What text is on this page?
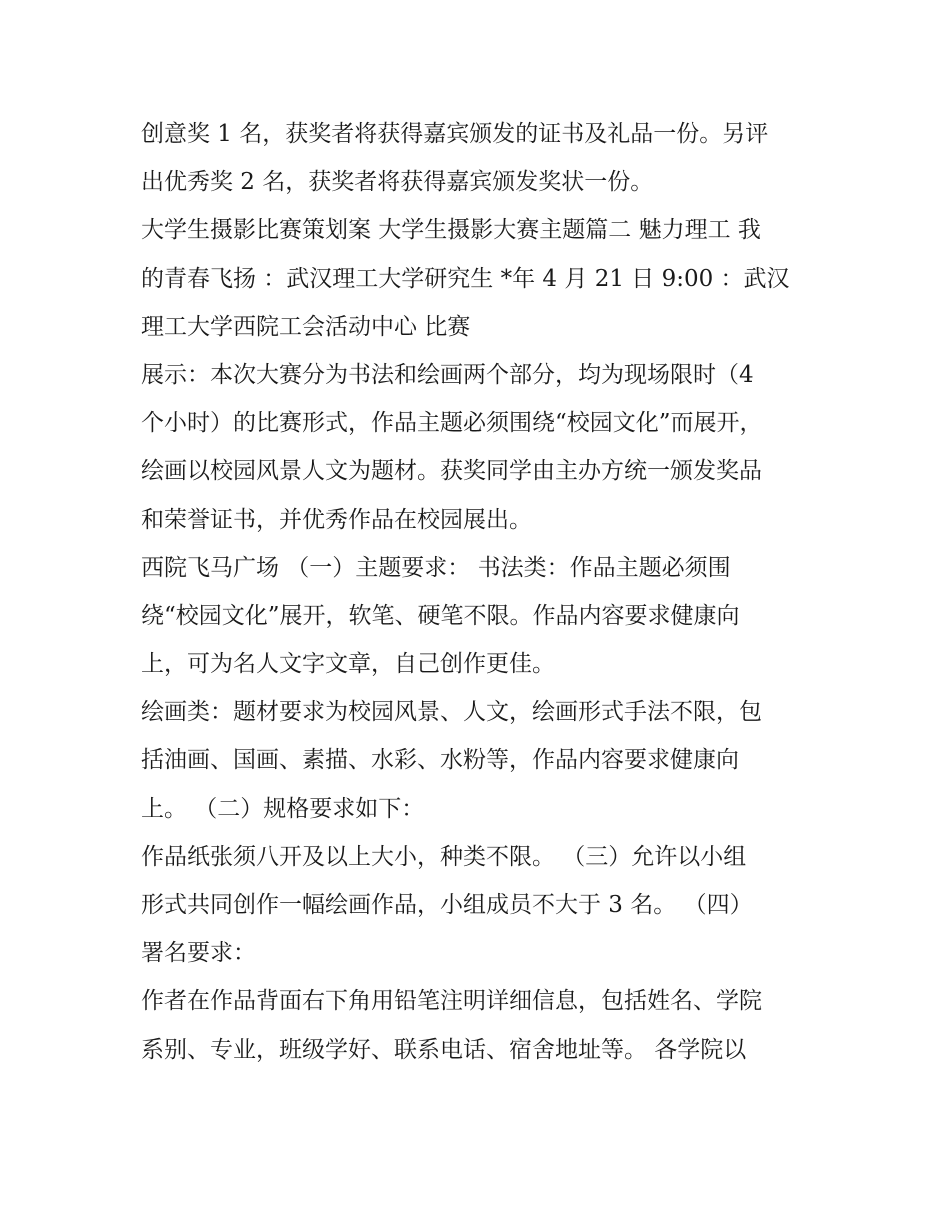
创意奖 1 名，获奖者将获得嘉宾颁发的证书及礼品一份。另评
出优秀奖 2 名，获奖者将获得嘉宾颁发奖状一份。
大学生摄影比赛策划案 大学生摄影大赛主题篇二 魅力理工 我
的青春飞扬 ：武汉理工大学研究生 *年 4 月 21 日 9:00 ：武汉
理工大学西院工会活动中心 比赛
展示：本次大赛分为书法和绘画两个部分，均为现场限时（4
个小时）的比赛形式，作品主题必须围绕“校园文化”而展开，
绘画以校园风景人文为题材。获奖同学由主办方统一颁发奖品
和荣誉证书，并优秀作品在校园展出。
西院飞马广场 （一）主题要求： 书法类：作品主题必须围
绕“校园文化”展开，软笔、硬笔不限。作品内容要求健康向
上，可为名人文字文章，自己创作更佳。
绘画类：题材要求为校园风景、人文，绘画形式手法不限，包
括油画、国画、素描、水彩、水粉等，作品内容要求健康向
上。 （二）规格要求如下：
作品纸张须八开及以上大小，种类不限。 （三）允许以小组
形式共同创作一幅绘画作品，小组成员不大于 3 名。 （四）
署名要求：
作者在作品背面右下角用铅笔注明详细信息，包括姓名、学院
系别、专业，班级学好、联系电话、宿舍地址等。 各学院以
